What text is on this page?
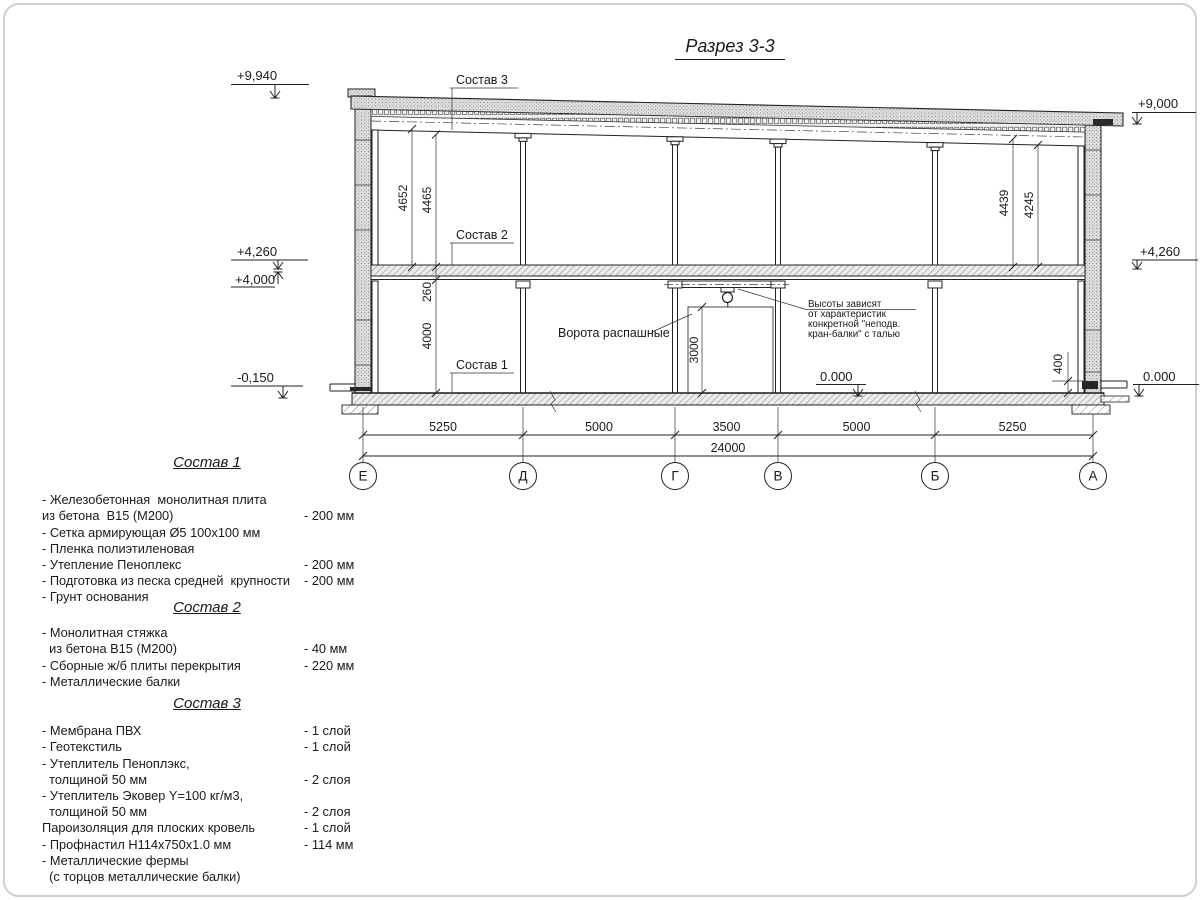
Разрез 3-3
4652 4465
260
4000
4439 4245
400
3000
+9,940
+9,000
+4,260
+4,000
+4,260
-0,150	0.000
0.000
Состав 3
Состав 2
Состав 1
Ворота распашные
Высоты зависят
от характеристик
конкретной "неподв.
кран-балки" с талью
5250	5000	3500	5000	5250
24000
Е	Д	Г	В	Б	А
Состав 1
- Железобетонная  монолитная плита
из бетона  В15 (М200)	- 200 мм
- Сетка армирующая Ø5 100х100 мм
- Пленка полиэтиленовая
- Утепление Пеноплекс	- 200 мм
- Подготовка из песка средней  крупности - 200 мм
- Грунт основания
Состав 2
- Монолитная стяжка
из бетона В15 (М200)	- 40 мм
- Сборные ж/б плиты перекрытия	- 220 мм
- Металлические балки
Состав 3
- Мембрана ПВХ	- 1 слой
- Геотекстиль	- 1 слой
- Утеплитель Пеноплэкс,
толщиной 50 мм	- 2 слоя
- Утеплитель Эковер Y=100 кг/м3,
толщиной 50 мм	- 2 слоя
Пароизоляция для плоских кровель	- 1 слой
- Профнастил Н114х750х1.0 мм	- 114 мм
- Металлические фермы
(с торцов металлические балки)
